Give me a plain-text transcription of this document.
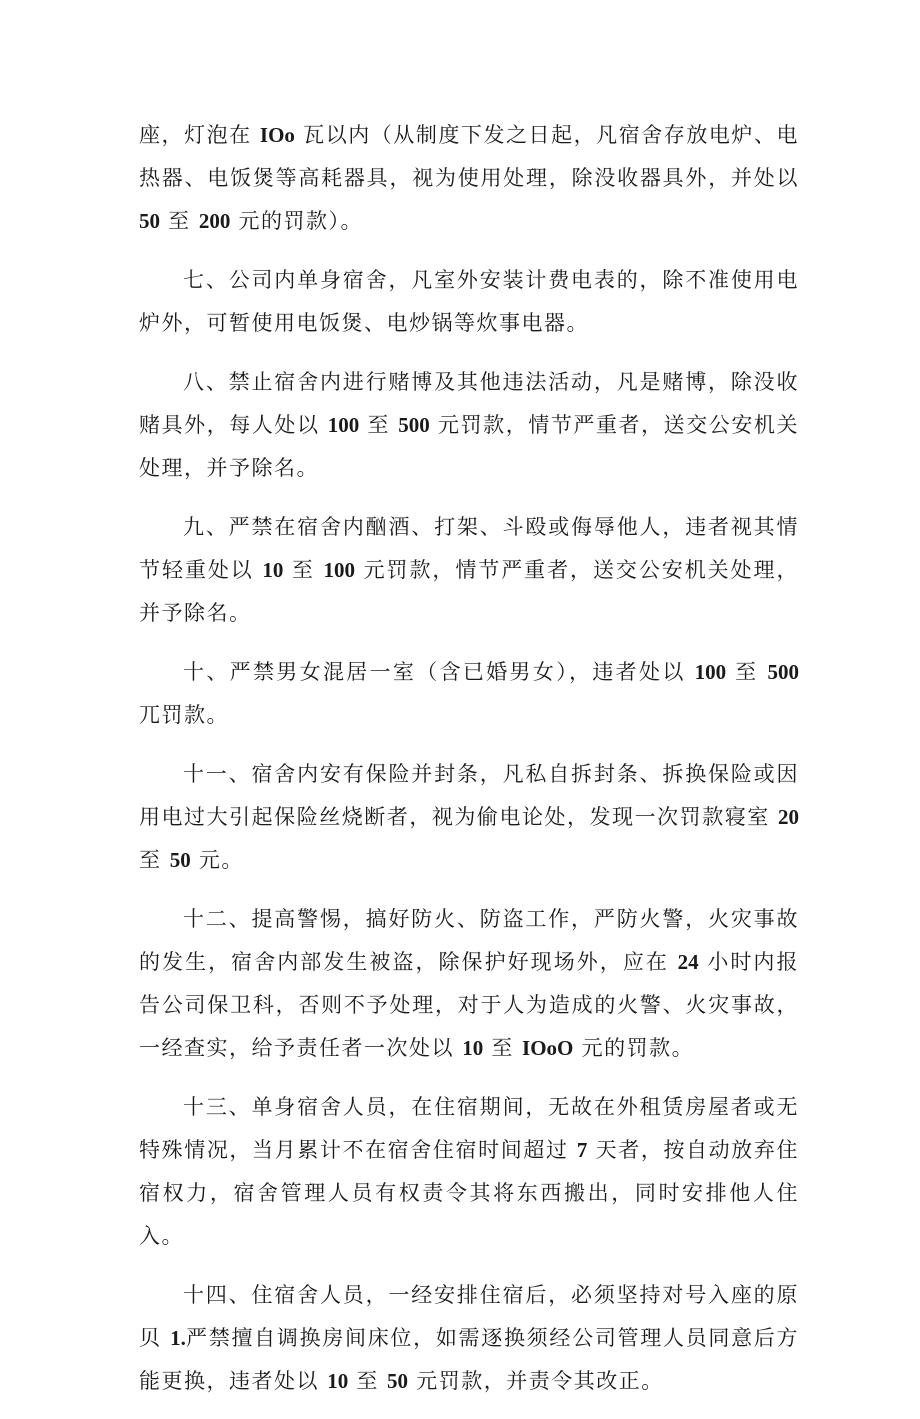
座，灯泡在 IOo 瓦以内（从制度下发之日起，凡宿舍存放电炉、电热器、电饭煲等高耗器具，视为使用处理，除没收器具外，并处以 50 至 200 元的罚款）。

七、公司内单身宿舍，凡室外安装计费电表的，除不准使用电炉外，可暂使用电饭煲、电炒锅等炊事电器。

八、禁止宿舍内进行赌博及其他违法活动，凡是赌博，除没收赌具外，每人处以 100 至 500 元罚款，情节严重者，送交公安机关处理，并予除名。

九、严禁在宿舍内酗酒、打架、斗殴或侮辱他人，违者视其情节轻重处以 10 至 100 元罚款，情节严重者，送交公安机关处理，并予除名。

十、严禁男女混居一室（含已婚男女），违者处以 100 至 500 兀罚款。

十一、宿舍内安有保险并封条，凡私自拆封条、拆换保险或因用电过大引起保险丝烧断者，视为偷电论处，发现一次罚款寝室 20 至 50 元。

十二、提高警惕，搞好防火、防盗工作，严防火警，火灾事故的发生，宿舍内部发生被盗，除保护好现场外，应在 24 小时内报告公司保卫科，否则不予处理，对于人为造成的火警、火灾事故，一经查实，给予责任者一次处以 10 至 IOoO 元的罚款。

十三、单身宿舍人员，在住宿期间，无故在外租赁房屋者或无特殊情况，当月累计不在宿舍住宿时间超过 7 天者，按自动放弃住宿权力，宿舍管理人员有权责令其将东西搬出，同时安排他人住入。

十四、住宿舍人员，一经安排住宿后，必须坚持对号入座的原贝 1.严禁擅自调换房间床位，如需逐换须经公司管理人员同意后方能更换，违者处以 10 至 50 元罚款，并责令其改正。
